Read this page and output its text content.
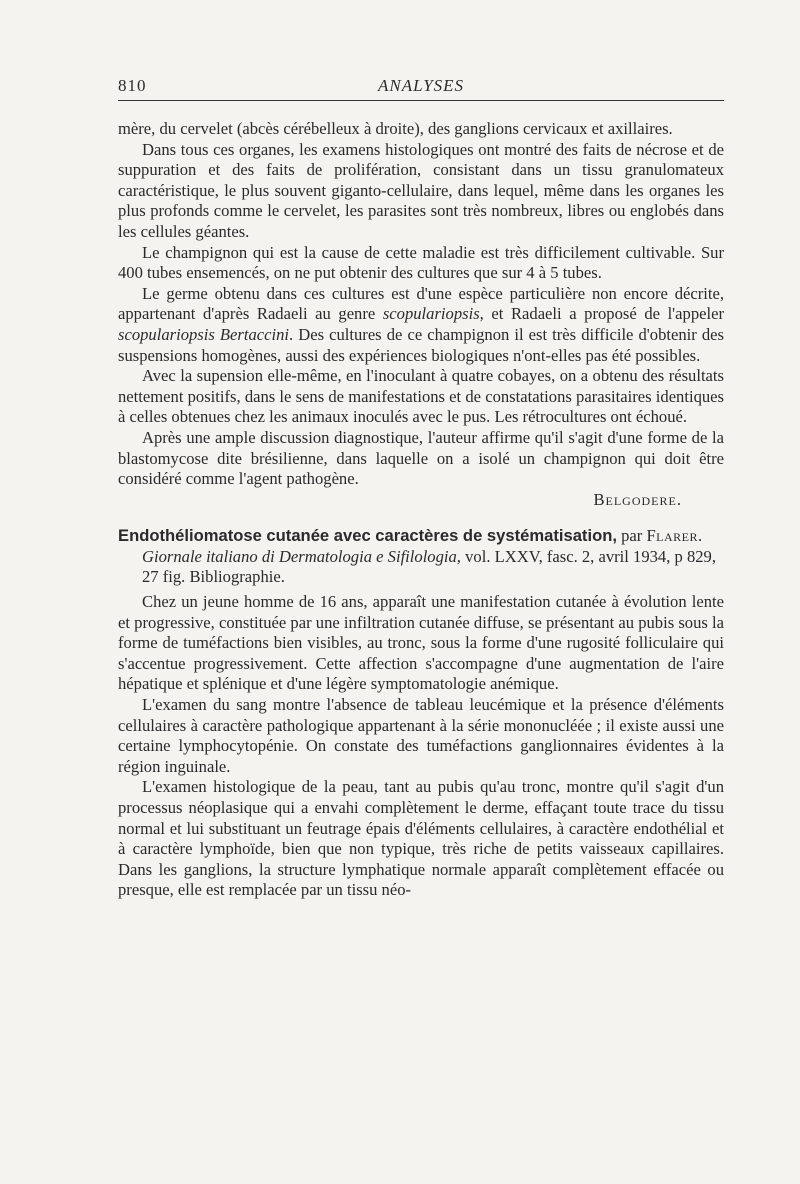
810	ANALYSES

mère, du cervelet (abcès cérébelleux à droite), des ganglions cervicaux et axillaires.

Dans tous ces organes, les examens histologiques ont montré des faits de nécrose et de suppuration et des faits de prolifération, consistant dans un tissu granulomateux caractéristique, le plus souvent giganto-cellulaire, dans lequel, même dans les organes les plus profonds comme le cervelet, les parasites sont très nombreux, libres ou englobés dans les cellules géantes.

Le champignon qui est la cause de cette maladie est très difficilement cultivable. Sur 400 tubes ensemencés, on ne put obtenir des cultures que sur 4 à 5 tubes.

Le germe obtenu dans ces cultures est d'une espèce particulière non encore décrite, appartenant d'après Radaeli au genre scopulariopsis, et Radaeli a proposé de l'appeler scopulariopsis Bertaccini. Des cultures de ce champignon il est très difficile d'obtenir des suspensions homogènes, aussi des expériences biologiques n'ont-elles pas été possibles.

Avec la supension elle-même, en l'inoculant à quatre cobayes, on a obtenu des résultats nettement positifs, dans le sens de manifestations et de constatations parasitaires identiques à celles obtenues chez les animaux inoculés avec le pus. Les rétrocultures ont échoué.

Après une ample discussion diagnostique, l'auteur affirme qu'il s'agit d'une forme de la blastomycose dite brésilienne, dans laquelle on a isolé un champignon qui doit être considéré comme l'agent pathogène.

Belgodere.
Endothéliomatose cutanée avec caractères de systématisation, par Flarer.
Giornale italiano di Dermatologia e Sifilologia, vol. LXXV, fasc. 2, avril 1934, p 829, 27 fig. Bibliographie.

Chez un jeune homme de 16 ans, apparaît une manifestation cutanée à évolution lente et progressive, constituée par une infiltration cutanée diffuse, se présentant au pubis sous la forme de tuméfactions bien visibles, au tronc, sous la forme d'une rugosité folliculaire qui s'accentue progressivement. Cette affection s'accompagne d'une augmentation de l'aire hépatique et splénique et d'une légère symptomatologie anémique.

L'examen du sang montre l'absence de tableau leucémique et la présence d'éléments cellulaires à caractère pathologique appartenant à la série mononucléée ; il existe aussi une certaine lymphocytopénie. On constate des tuméfactions ganglionnaires évidentes à la région inguinale.

L'examen histologique de la peau, tant au pubis qu'au tronc, montre qu'il s'agit d'un processus néoplasique qui a envahi complètement le derme, effaçant toute trace du tissu normal et lui substituant un feutrage épais d'éléments cellulaires, à caractère endothélial et à caractère lymphoïde, bien que non typique, très riche de petits vaisseaux capillaires. Dans les ganglions, la structure lymphatique normale apparaît complètement effacée ou presque, elle est remplacée par un tissu néo-
